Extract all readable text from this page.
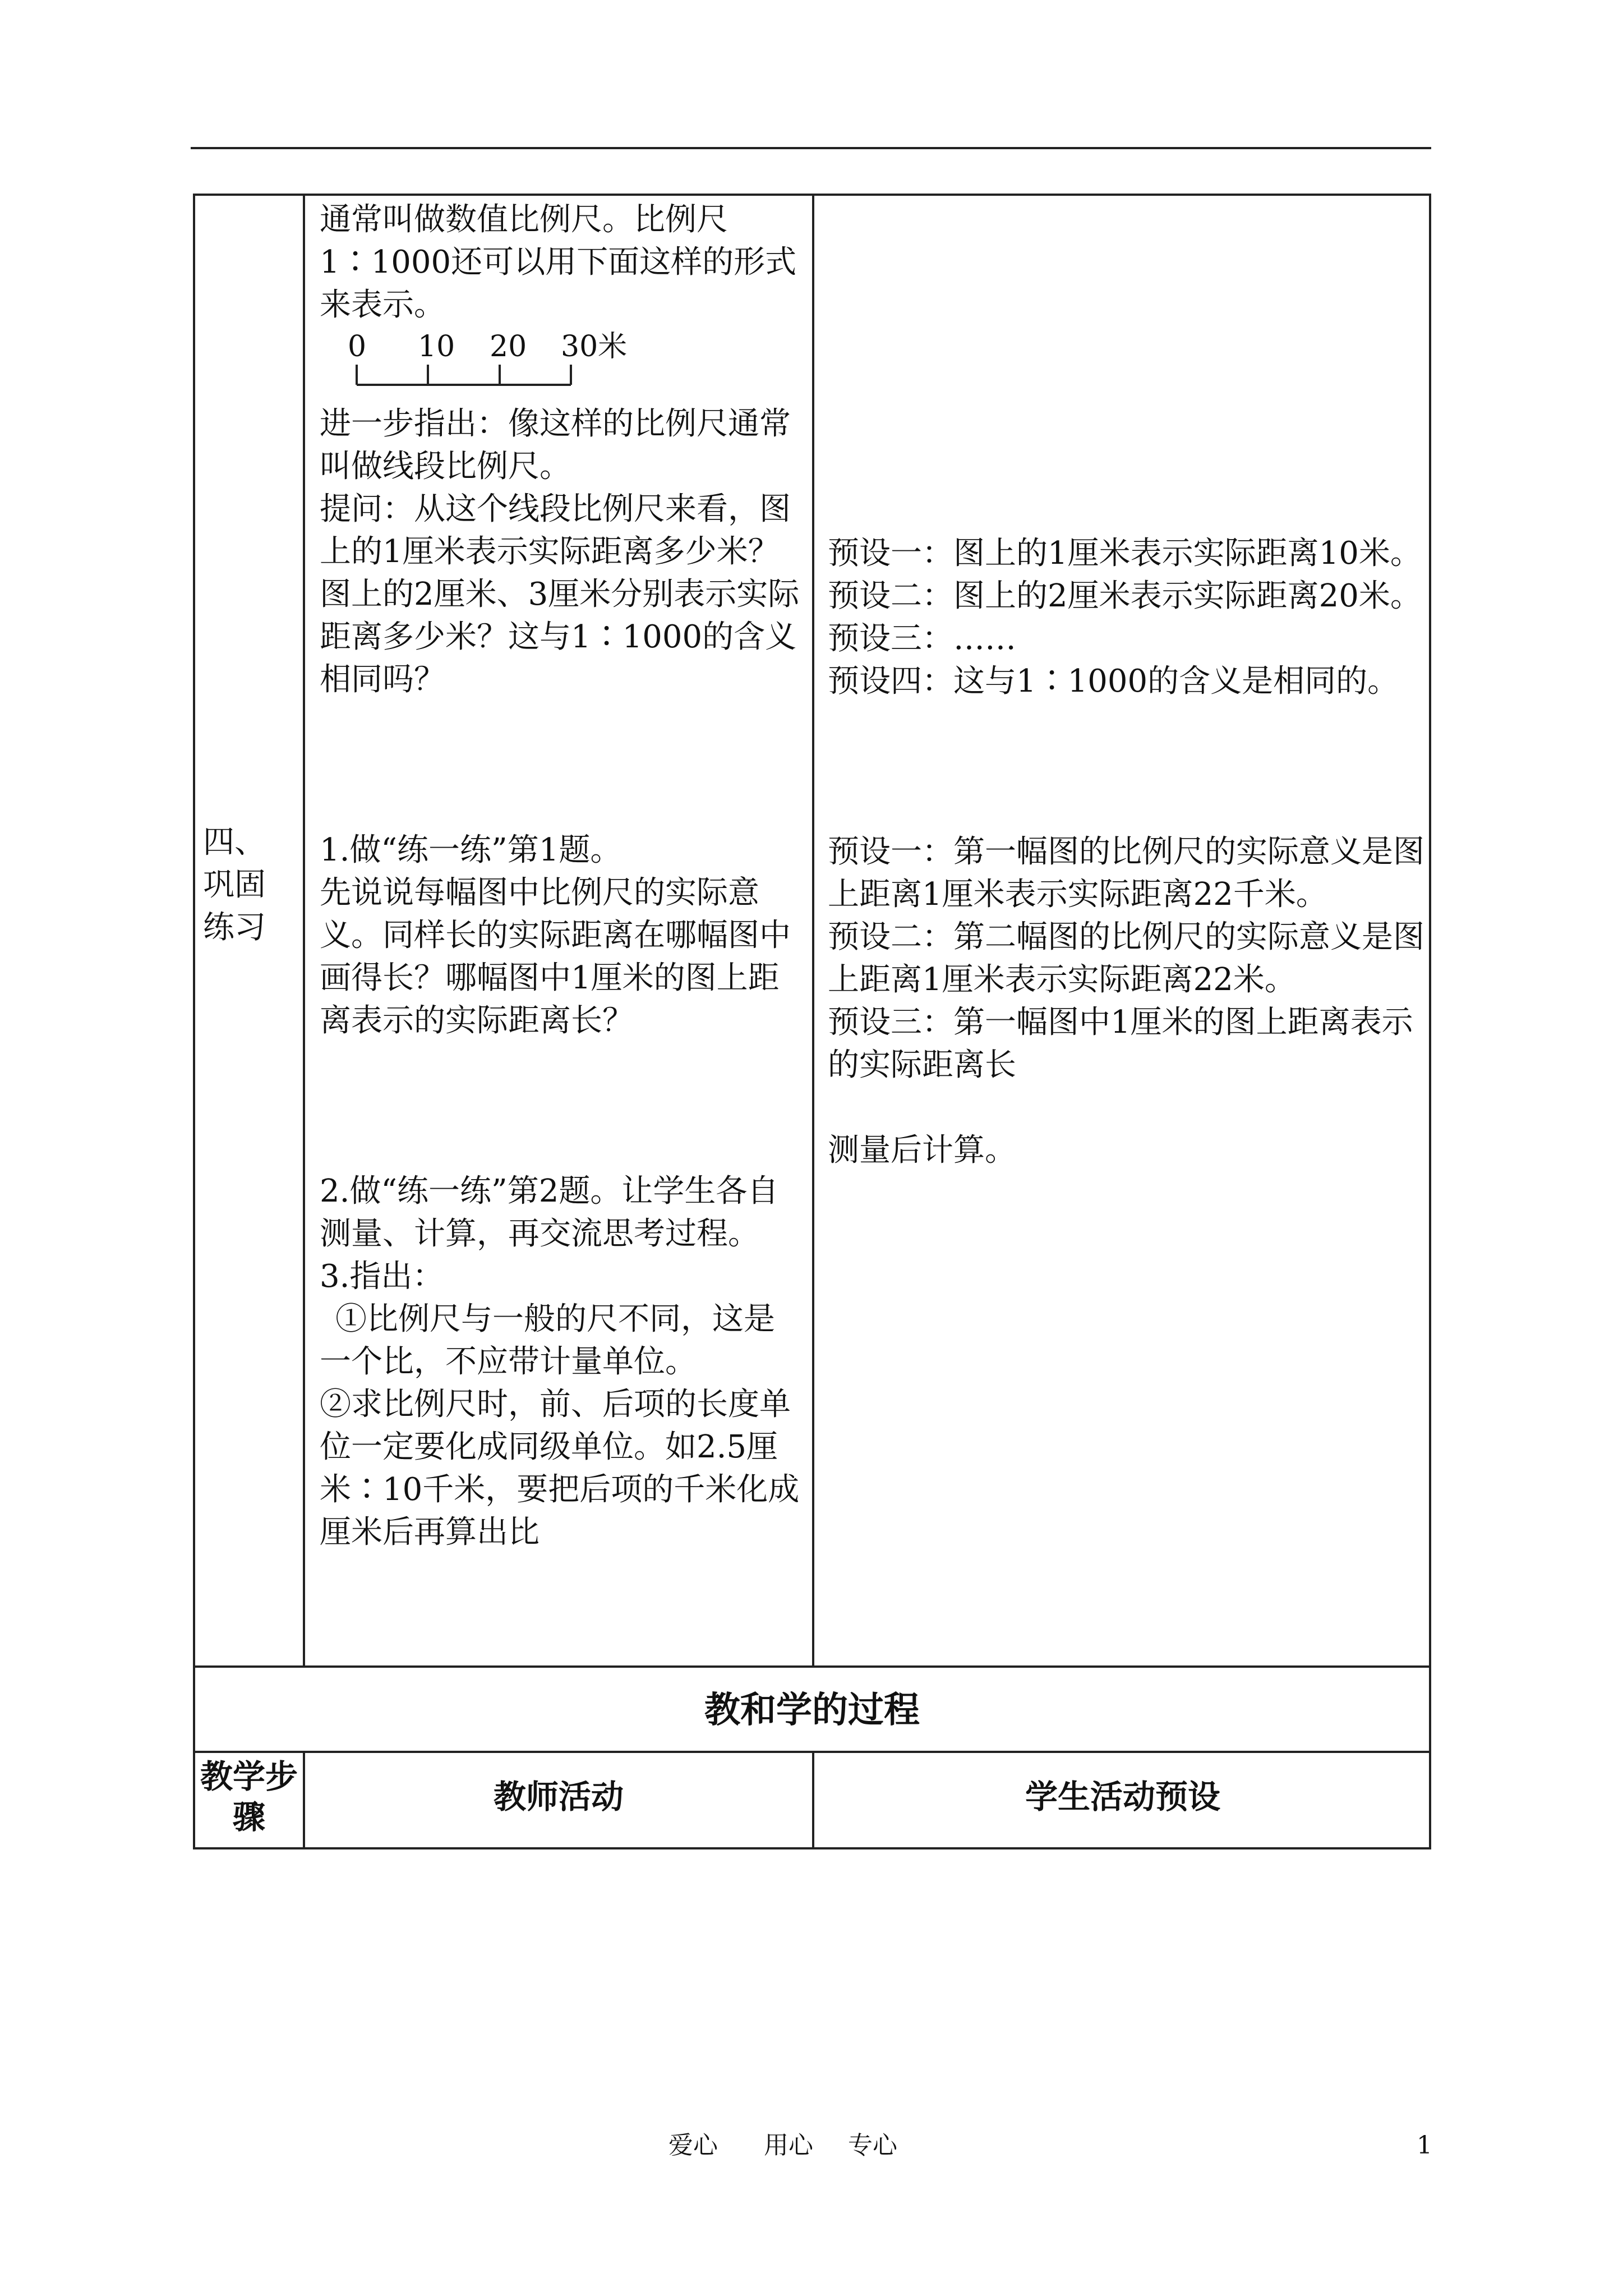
四、巩固练习

通常叫做数值比例尺。比例尺1∶1000还可以用下面这样的形式来表示。

0 10 20 30米

进一步指出：像这样的比例尺通常叫做线段比例尺。

提问：从这个线段比例尺来看，图上的1厘米表示实际距离多少米？图上的2厘米、3厘米分别表示实际距离多少米？这与1∶1000的含义相同吗？

1.做“练一练”第1题。

先说说每幅图中比例尺的实际意义。同样长的实际距离在哪幅图中画得长？哪幅图中1厘米的图上距离表示的实际距离长？

2.做“练一练”第2题。让学生各自测量、计算，再交流思考过程。

3.指出：

①比例尺与一般的尺不同，这是一个比，不应带计量单位。

②求比例尺时，前、后项的长度单位一定要化成同级单位。如2.5厘米∶10千米，要把后项的千米化成厘米后再算出比

预设一：图上的1厘米表示实际距离10米。

预设二：图上的2厘米表示实际距离20米。

预设三：……

预设四：这与1∶1000的含义是相同的。

预设一：第一幅图的比例尺的实际意义是图上距离1厘米表示实际距离22千米。

预设二：第二幅图的比例尺的实际意义是图上距离1厘米表示实际距离22米。

预设三：第一幅图中1厘米的图上距离表示的实际距离长

测量后计算。

教和学的过程
教学步骤
教师活动	学生活动预设
爱心 用心 专心	1
